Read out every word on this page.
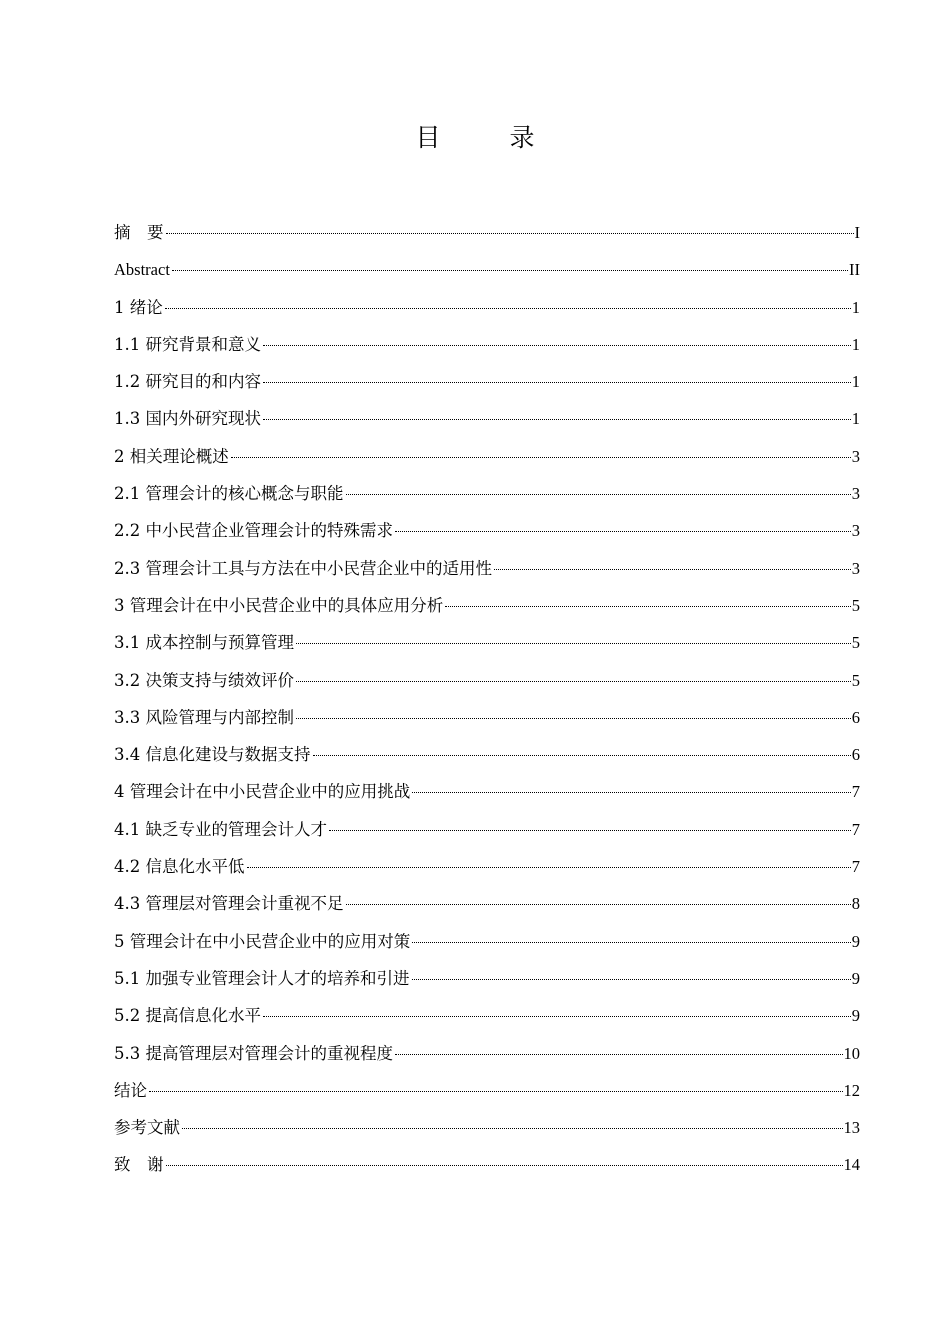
目　录
摘　要	I
Abstract	II
1 绪论	1
1.1 研究背景和意义	1
1.2 研究目的和内容	1
1.3 国内外研究现状	1
2 相关理论概述	3
2.1 管理会计的核心概念与职能	3
2.2 中小民营企业管理会计的特殊需求	3
2.3 管理会计工具与方法在中小民营企业中的适用性	3
3 管理会计在中小民营企业中的具体应用分析	5
3.1 成本控制与预算管理	5
3.2 决策支持与绩效评价	5
3.3 风险管理与内部控制	6
3.4 信息化建设与数据支持	6
4 管理会计在中小民营企业中的应用挑战	7
4.1 缺乏专业的管理会计人才	7
4.2 信息化水平低	7
4.3 管理层对管理会计重视不足	8
5 管理会计在中小民营企业中的应用对策	9
5.1 加强专业管理会计人才的培养和引进	9
5.2 提高信息化水平	9
5.3 提高管理层对管理会计的重视程度	10
结论	12
参考文献	13
致　谢	14
